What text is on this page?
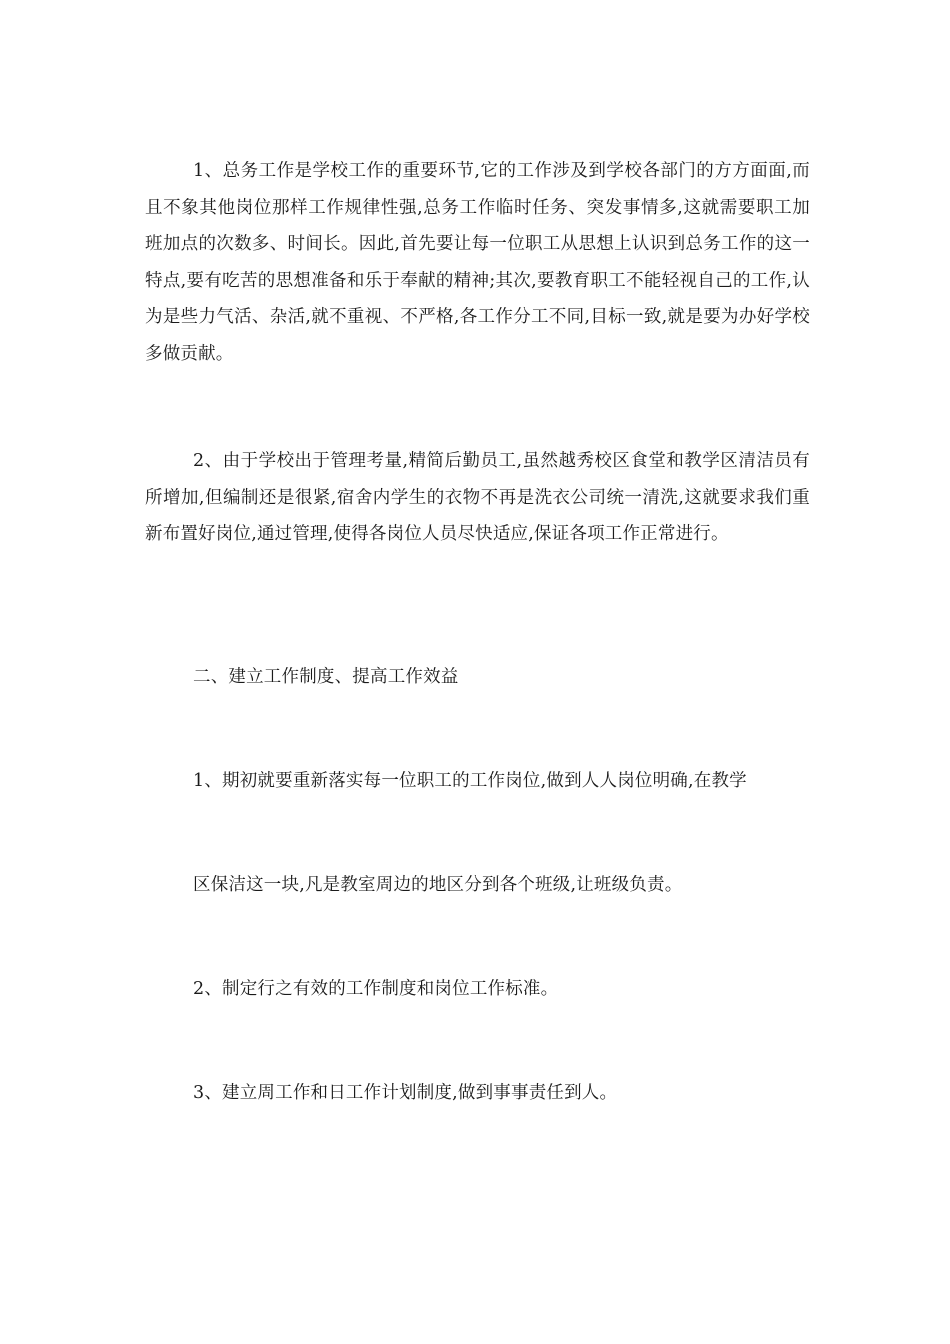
1、总务工作是学校工作的重要环节,它的工作涉及到学校各部门的方方面面,而且不象其他岗位那样工作规律性强,总务工作临时任务、突发事情多,这就需要职工加班加点的次数多、时间长。因此,首先要让每一位职工从思想上认识到总务工作的这一特点,要有吃苦的思想准备和乐于奉献的精神;其次,要教育职工不能轻视自己的工作,认为是些力气活、杂活,就不重视、不严格,各工作分工不同,目标一致,就是要为办好学校多做贡献。

2、由于学校出于管理考量,精简后勤员工,虽然越秀校区食堂和教学区清洁员有所增加,但编制还是很紧,宿舍内学生的衣物不再是洗衣公司统一清洗,这就要求我们重新布置好岗位,通过管理,使得各岗位人员尽快适应,保证各项工作正常进行。

二、建立工作制度、提高工作效益

1、期初就要重新落实每一位职工的工作岗位,做到人人岗位明确,在教学

区保洁这一块,凡是教室周边的地区分到各个班级,让班级负责。

2、制定行之有效的工作制度和岗位工作标准。

3、建立周工作和日工作计划制度,做到事事责任到人。
